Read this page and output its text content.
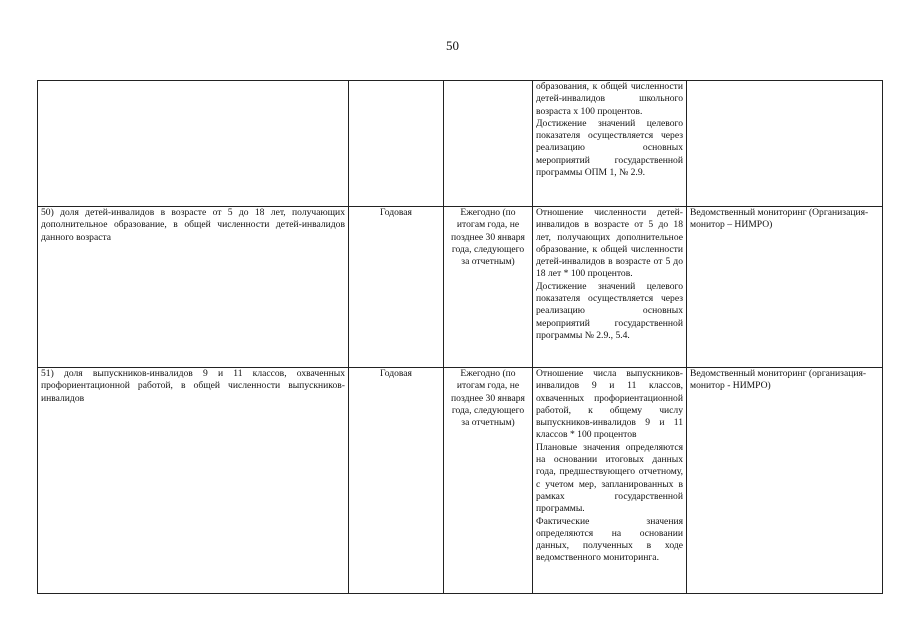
50

			образования, к общей численности детей-инвалидов школьного возраста х 100 процентов.
Достижение значений целевого показателя осуществляется через реализацию основных мероприятий государственной программы ОПМ 1, № 2.9.	

50) доля детей-инвалидов в возрасте от 5 до 18 лет, получающих дополнительное образование, в общей численности детей-инвалидов данного возраста	Годовая	Ежегодно (по итогам года, не позднее 30 января года, следующего за отчетным)	Отношение численности детей-инвалидов в возрасте от 5 до 18 лет, получающих дополнительное образование, к общей численности детей-инвалидов в возрасте от 5 до 18 лет * 100 процентов.
Достижение значений целевого показателя осуществляется через реализацию основных мероприятий государственной программы № 2.9., 5.4.	Ведомственный мониторинг (Организация-монитор – НИМРО)
51) доля выпускников-инвалидов 9 и 11 классов, охваченных профориентационной работой, в общей численности выпускников-инвалидов	Годовая	Ежегодно (по итогам года, не позднее 30 января года, следующего за отчетным)	Отношение числа выпускников-инвалидов 9 и 11 классов, охваченных профориентационной работой, к общему числу выпускников-инвалидов 9 и 11 классов * 100 процентов
Плановые значения определяются на основании итоговых данных года, предшествующего отчетному, с учетом мер, запланированных в рамках государственной программы.
Фактические значения определяются на основании данных, полученных в ходе ведомственного мониторинга.	Ведомственный мониторинг (организация-монитор - НИМРО)
